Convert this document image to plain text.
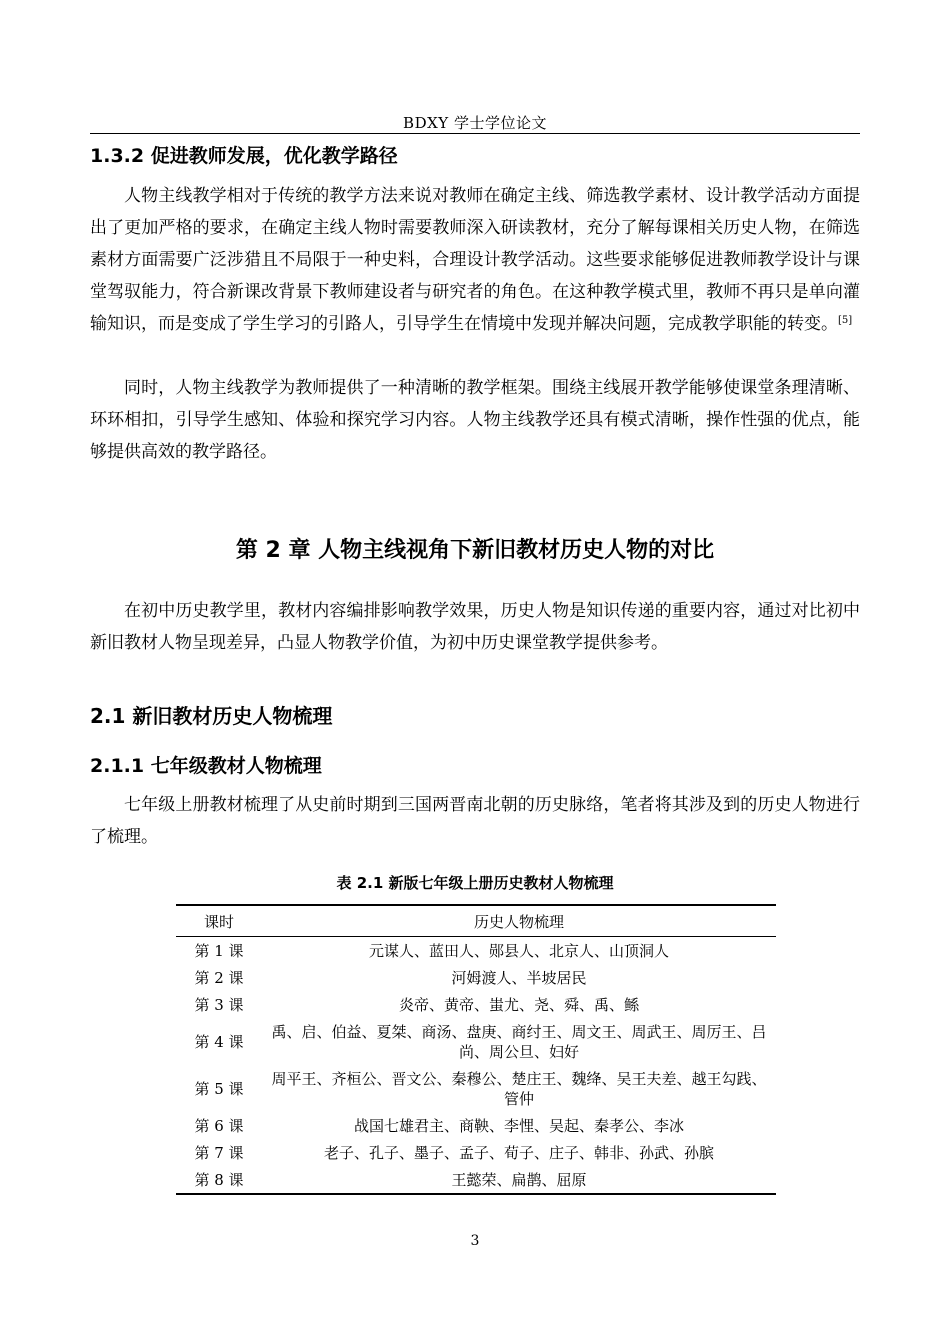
BDXY 学士学位论文
1.3.2 促进教师发展，优化教学路径

人物主线教学相对于传统的教学方法来说对教师在确定主线、筛选教学素材、设计教学活动方面提出了更加严格的要求，在确定主线人物时需要教师深入研读教材，充分了解每课相关历史人物，在筛选素材方面需要广泛涉猎且不局限于一种史料，合理设计教学活动。这些要求能够促进教师教学设计与课堂驾驭能力，符合新课改背景下教师建设者与研究者的角色。在这种教学模式里，教师不再只是单向灌输知识，而是变成了学生学习的引路人，引导学生在情境中发现并解决问题，完成教学职能的转变。[5]

同时，人物主线教学为教师提供了一种清晰的教学框架。围绕主线展开教学能够使课堂条理清晰、环环相扣，引导学生感知、体验和探究学习内容。人物主线教学还具有模式清晰，操作性强的优点，能够提供高效的教学路径。

第 2 章 人物主线视角下新旧教材历史人物的对比

在初中历史教学里，教材内容编排影响教学效果，历史人物是知识传递的重要内容，通过对比初中新旧教材人物呈现差异，凸显人物教学价值，为初中历史课堂教学提供参考。

2.1 新旧教材历史人物梳理
2.1.1 七年级教材人物梳理

七年级上册教材梳理了从史前时期到三国两晋南北朝的历史脉络，笔者将其涉及到的历史人物进行了梳理。

表 2.1 新版七年级上册历史教材人物梳理
课时	历史人物梳理
第 1 课	元谋人、蓝田人、郧县人、北京人、山顶洞人
第 2 课	河姆渡人、半坡居民
第 3 课	炎帝、黄帝、蚩尤、尧、舜、禹、鲧
第 4 课	禹、启、伯益、夏桀、商汤、盘庚、商纣王、周文王、周武王、周厉王、吕尚、周公旦、妇好
第 5 课	周平王、齐桓公、晋文公、秦穆公、楚庄王、魏绛、吴王夫差、越王勾践、管仲
第 6 课	战国七雄君主、商鞅、李悝、吴起、秦孝公、李冰
第 7 课	老子、孔子、墨子、孟子、荀子、庄子、韩非、孙武、孙膑
第 8 课	王懿荣、扁鹊、屈原
3
